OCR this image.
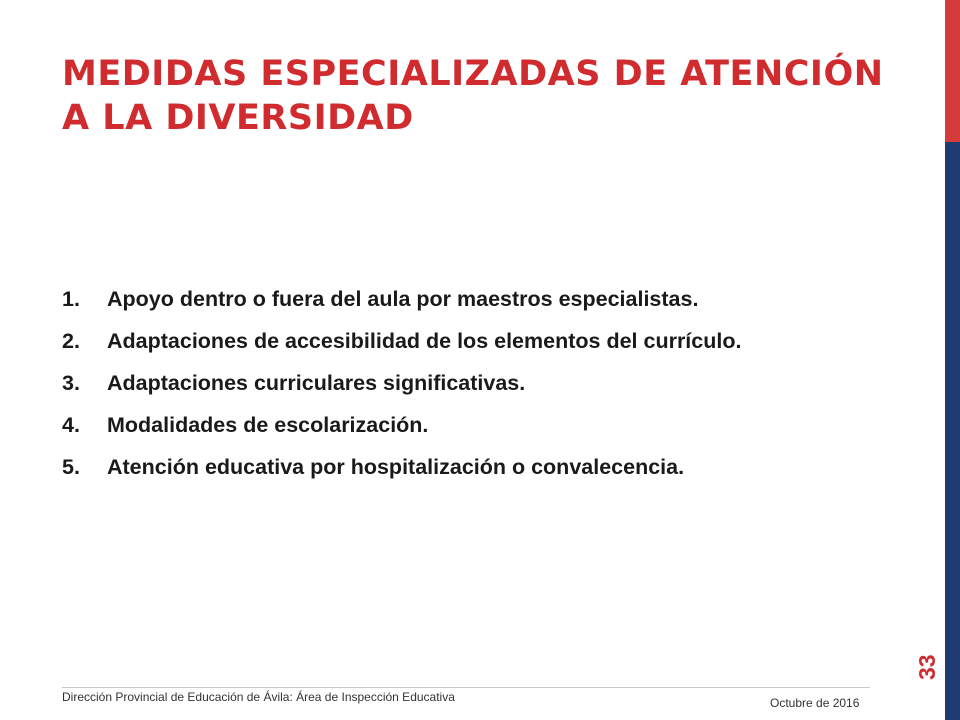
MEDIDAS ESPECIALIZADAS DE ATENCIÓN A LA DIVERSIDAD
1.	Apoyo dentro o fuera del aula por maestros especialistas.
2.	Adaptaciones de accesibilidad de los elementos del currículo.
3.	Adaptaciones curriculares significativas.
4.	Modalidades de escolarización.
5.	Atención educativa por hospitalización o convalecencia.
Dirección Provincial de Educación de Ávila: Área de Inspección Educativa	Octubre de 2016
33
